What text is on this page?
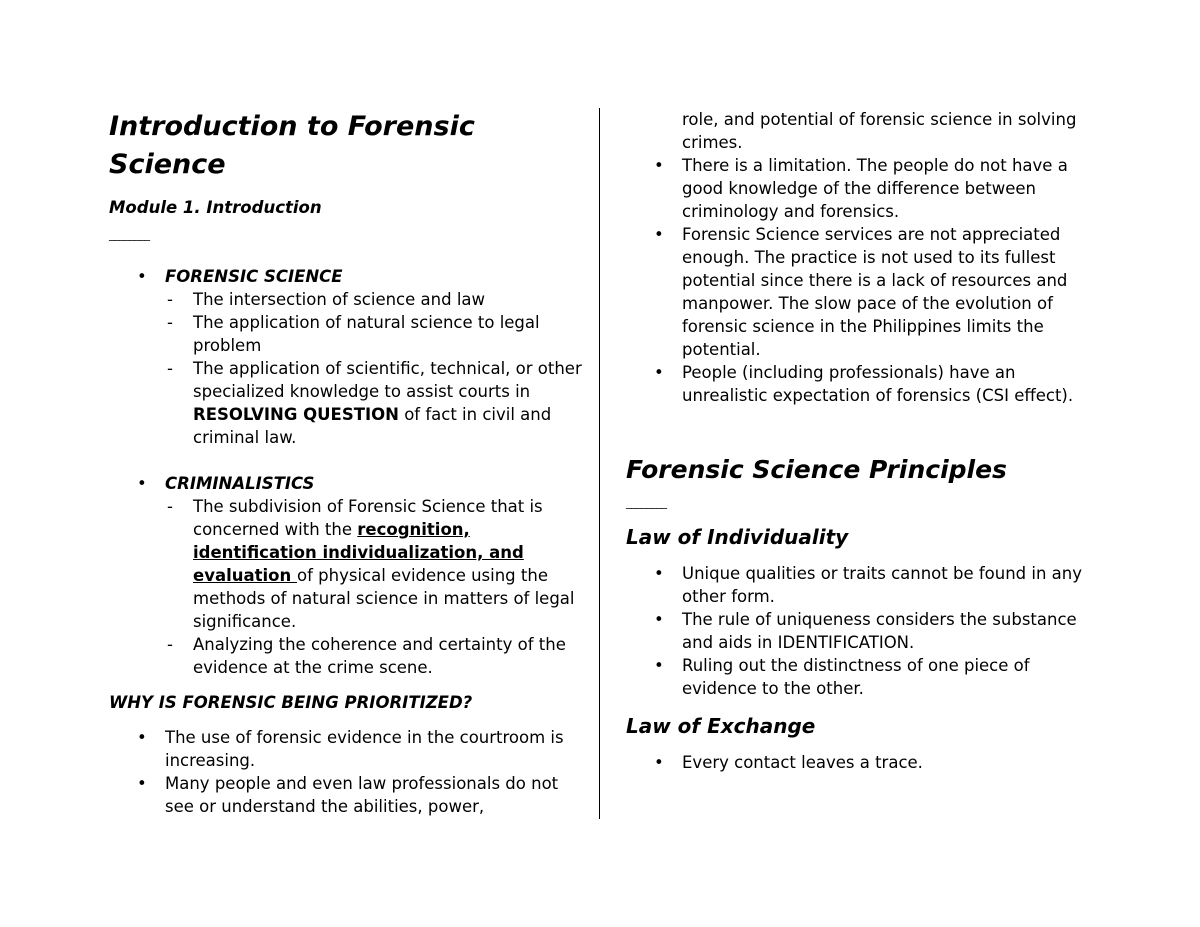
Introduction to Forensic Science
Module 1. Introduction
________
• FORENSIC SCIENCE
- The intersection of science and law
- The application of natural science to legal problem
- The application of scientific, technical, or other specialized knowledge to assist courts in RESOLVING QUESTION of fact in civil and criminal law.
• CRIMINALISTICS
- The subdivision of Forensic Science that is concerned with the recognition, identification individualization, and evaluation of physical evidence using the methods of natural science in matters of legal significance.
- Analyzing the coherence and certainty of the evidence at the crime scene.
WHY IS FORENSIC BEING PRIORITIZED?
• The use of forensic evidence in the courtroom is increasing.
• Many people and even law professionals do not see or understand the abilities, power,
role, and potential of forensic science in solving crimes.
• There is a limitation. The people do not have a good knowledge of the difference between criminology and forensics.
• Forensic Science services are not appreciated enough. The practice is not used to its fullest potential since there is a lack of resources and manpower. The slow pace of the evolution of forensic science in the Philippines limits the potential.
• People (including professionals) have an unrealistic expectation of forensics (CSI effect).
Forensic Science Principles
________
Law of Individuality
• Unique qualities or traits cannot be found in any other form.
• The rule of uniqueness considers the substance and aids in IDENTIFICATION.
• Ruling out the distinctness of one piece of evidence to the other.
Law of Exchange
• Every contact leaves a trace.
